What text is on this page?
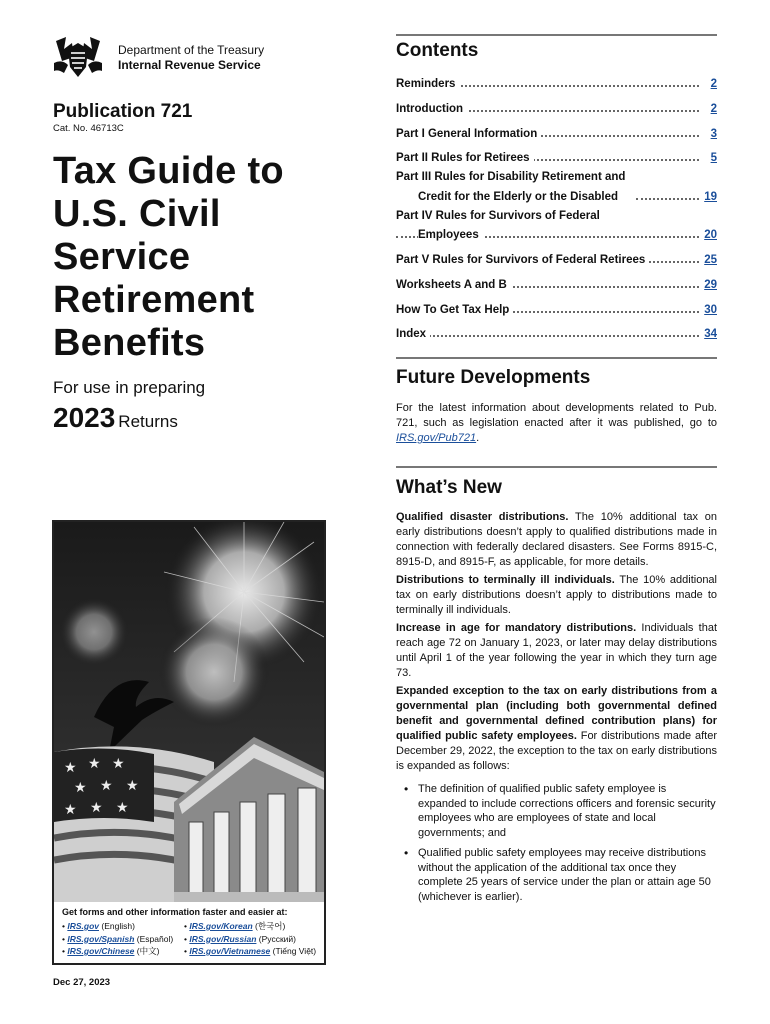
Department of the Treasury
Internal Revenue Service
Publication 721
Cat. No. 46713C
Tax Guide to
U.S. Civil
Service
Retirement
Benefits
For use in preparing
2023 Returns
★ ★ ★
★ ★ ★
★ ★ ★
Get forms and other information faster and easier at:
• IRS.gov (English)
• IRS.gov/Spanish (Español)
• IRS.gov/Chinese (中文)
• IRS.gov/Korean (한국어)
• IRS.gov/Russian (Русский)
• IRS.gov/Vietnamese (Tiếng Việt)
Dec 27, 2023
Contents
Reminders	2
Introduction	2
Part I General Information	3
Part II Rules for Retirees	5
Part III Rules for Disability Retirement and
Credit for the Elderly or the Disabled	19
Part IV Rules for Survivors of Federal
Employees	20
Part V Rules for Survivors of Federal Retirees	25
Worksheets A and B	29
How To Get Tax Help	30
Index	34
Future Developments
For the latest information about developments related to Pub. 721, such as legislation enacted after it was published, go to IRS.gov/Pub721.
What’s New
Qualified disaster distributions. The 10% additional tax on early distributions doesn’t apply to qualified distributions made in connection with federally declared disasters. See Forms 8915-C, 8915-D, and 8915-F, as applicable, for more details.
Distributions to terminally ill individuals. The 10% additional tax on early distributions doesn’t apply to distributions made to terminally ill individuals.
Increase in age for mandatory distributions. Individuals that reach age 72 on January 1, 2023, or later may delay distributions until April 1 of the year following the year in which they turn age 73.
Expanded exception to the tax on early distributions from a governmental plan (including both governmental defined benefit and governmental defined contribution plans) for qualified public safety employees. For distributions made after December 29, 2022, the exception to the tax on early distributions is expanded as follows:
• The definition of qualified public safety employee is expanded to include corrections officers and forensic security employees who are employees of state and local governments; and
• Qualified public safety employees may receive distributions without the application of the additional tax once they complete 25 years of service under the plan or attain age 50 (whichever is earlier).
